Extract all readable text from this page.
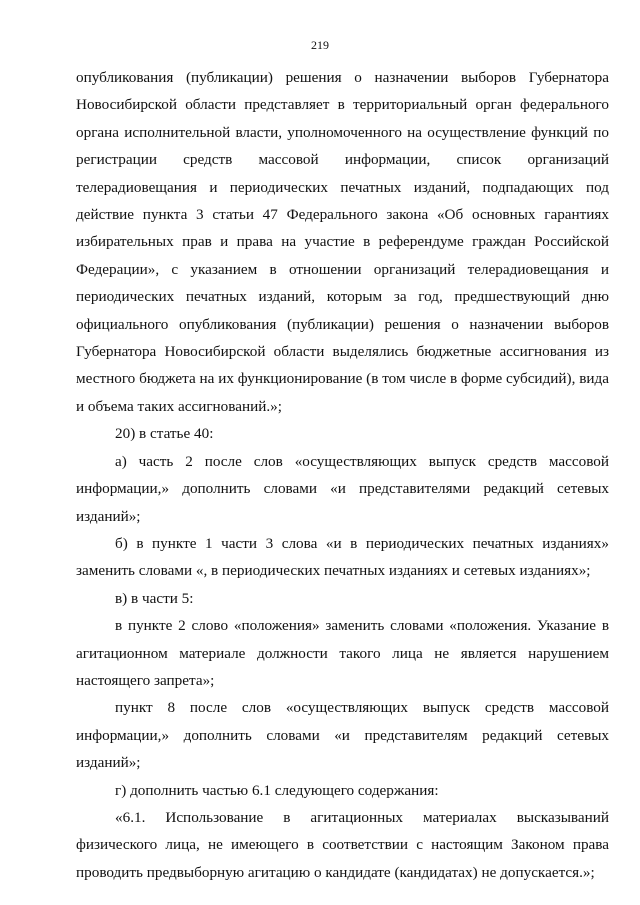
219

опубликования (публикации) решения о назначении выборов Губернатора Новосибирской области представляет в территориальный орган федерального органа исполнительной власти, уполномоченного на осуществление функций по регистрации средств массовой информации, список организаций телерадиовещания и периодических печатных изданий, подпадающих под действие пункта 3 статьи 47 Федерального закона «Об основных гарантиях избирательных прав и права на участие в референдуме граждан Российской Федерации», с указанием в отношении организаций телерадиовещания и периодических печатных изданий, которым за год, предшествующий дню официального опубликования (публикации) решения о назначении выборов Губернатора Новосибирской области выделялись бюджетные ассигнования из местного бюджета на их функционирование (в том числе в форме субсидий), вида и объема таких ассигнований.»;

20) в статье 40:

а) часть 2 после слов «осуществляющих выпуск средств массовой информации,» дополнить словами «и представителями редакций сетевых изданий»;

б) в пункте 1 части 3 слова «и в периодических печатных изданиях» заменить словами «, в периодических печатных изданиях и сетевых изданиях»;

в) в части 5:

в пункте 2 слово «положения» заменить словами «положения. Указание в агитационном материале должности такого лица не является нарушением настоящего запрета»;

пункт 8 после слов «осуществляющих выпуск средств массовой информации,» дополнить словами «и представителям редакций сетевых изданий»;

г) дополнить частью 6.1 следующего содержания:

«6.1. Использование в агитационных материалах высказываний физического лица, не имеющего в соответствии с настоящим Законом права проводить предвыборную агитацию о кандидате (кандидатах) не допускается.»;
